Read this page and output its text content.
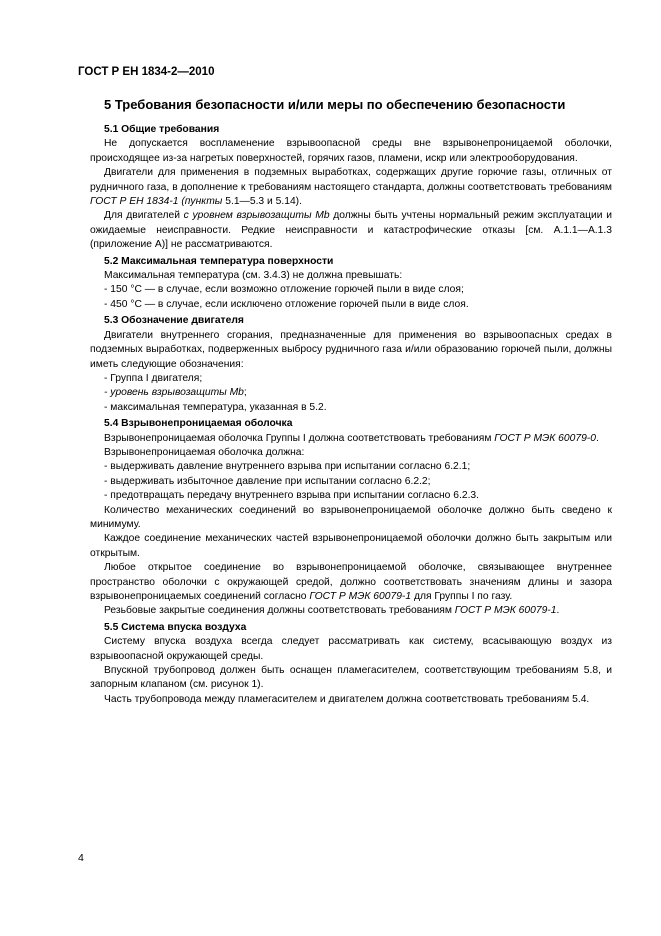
ГОСТ Р ЕН 1834-2—2010
5 Требования безопасности и/или меры по обеспечению безопасности
5.1 Общие требования
Не допускается воспламенение взрывоопасной среды вне взрывонепроницаемой оболочки, происходящее из-за нагретых поверхностей, горячих газов, пламени, искр или электрооборудования.
Двигатели для применения в подземных выработках, содержащих другие горючие газы, отличных от рудничного газа, в дополнение к требованиям настоящего стандарта, должны соответствовать требованиям ГОСТ Р ЕН 1834-1 (пункты 5.1—5.3 и 5.14).
Для двигателей с уровнем взрывозащиты Mb должны быть учтены нормальный режим эксплуатации и ожидаемые неисправности. Редкие неисправности и катастрофические отказы [см. А.1.1—А.1.3 (приложение А)] не рассматриваются.
5.2 Максимальная температура поверхности
Максимальная температура (см. 3.4.3) не должна превышать:
- 150 °С — в случае, если возможно отложение горючей пыли в виде слоя;
- 450 °С — в случае, если исключено отложение горючей пыли в виде слоя.
5.3 Обозначение двигателя
Двигатели внутреннего сгорания, предназначенные для применения во взрывоопасных средах в подземных выработках, подверженных выбросу рудничного газа и/или образованию горючей пыли, должны иметь следующие обозначения:
- Группа I двигателя;
- уровень взрывозащиты Mb;
- максимальная температура, указанная в 5.2.
5.4 Взрывонепроницаемая оболочка
Взрывонепроницаемая оболочка Группы I должна соответствовать требованиям ГОСТ Р МЭК 60079-0.
Взрывонепроницаемая оболочка должна:
- выдерживать давление внутреннего взрыва при испытании согласно 6.2.1;
- выдерживать избыточное давление при испытании согласно 6.2.2;
- предотвращать передачу внутреннего взрыва при испытании согласно 6.2.3.
Количество механических соединений во взрывонепроницаемой оболочке должно быть сведено к минимуму.
Каждое соединение механических частей взрывонепроницаемой оболочки должно быть закрытым или открытым.
Любое открытое соединение во взрывонепроницаемой оболочке, связывающее внутреннее пространство оболочки с окружающей средой, должно соответствовать значениям длины и зазора взрывонепроницаемых соединений согласно ГОСТ Р МЭК 60079-1 для Группы I по газу.
Резьбовые закрытые соединения должны соответствовать требованиям ГОСТ Р МЭК 60079-1.
5.5 Система впуска воздуха
Систему впуска воздуха всегда следует рассматривать как систему, всасывающую воздух из взрывоопасной окружающей среды.
Впускной трубопровод должен быть оснащен пламегасителем, соответствующим требованиям 5.8, и запорным клапаном (см. рисунок 1).
Часть трубопровода между пламегасителем и двигателем должна соответствовать требованиям 5.4.
4
